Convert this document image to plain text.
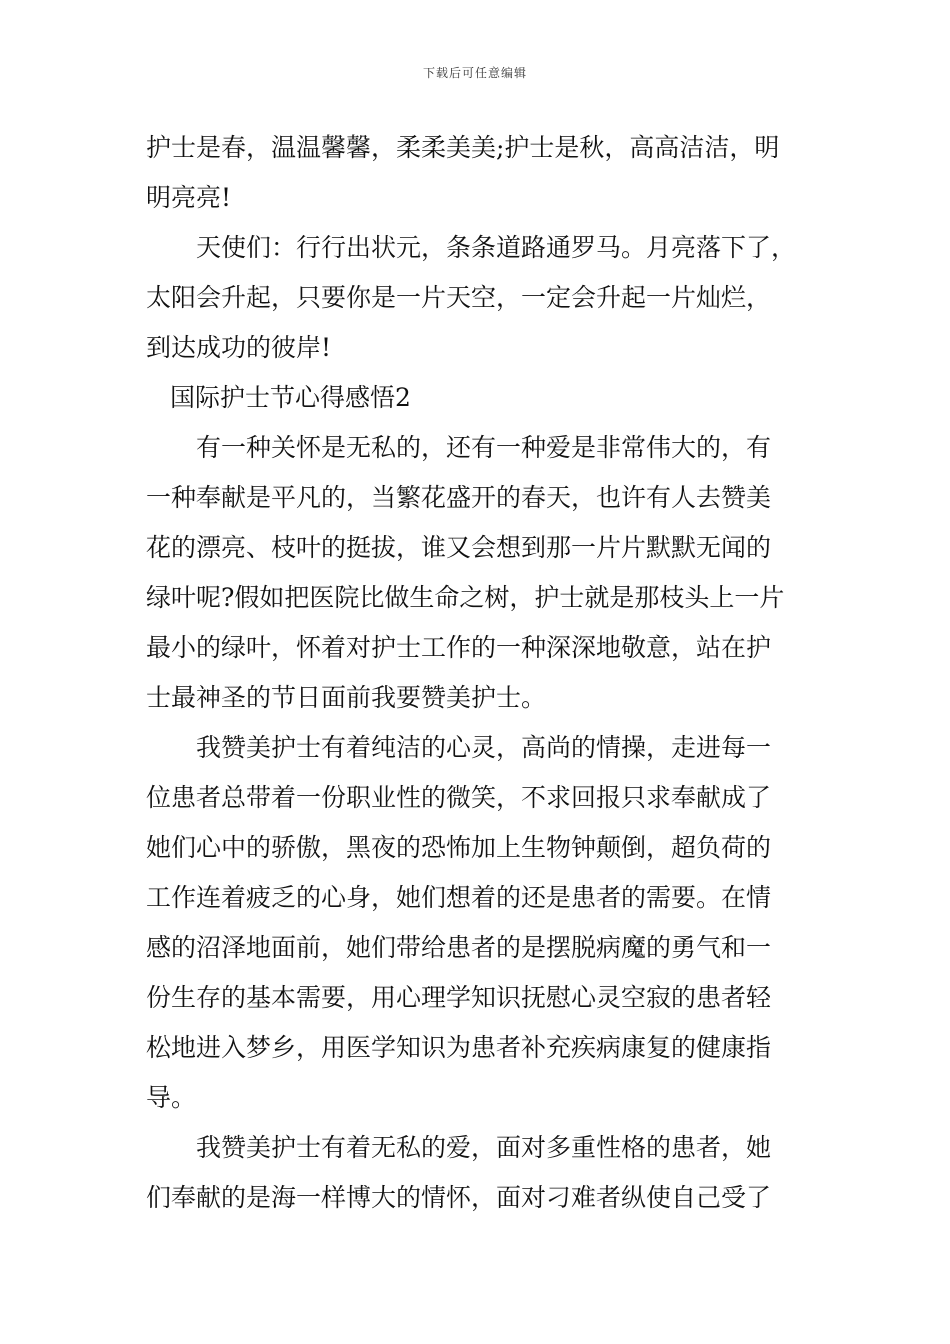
下载后可任意编辑
护士是春，温温馨馨，柔柔美美;护士是秋，高高洁洁，明
明亮亮!
天使们：行行出状元，条条道路通罗马。月亮落下了，
太阳会升起，只要你是一片天空，一定会升起一片灿烂，
到达成功的彼岸!
国际护士节心得感悟2
有一种关怀是无私的，还有一种爱是非常伟大的，有
一种奉献是平凡的，当繁花盛开的春天，也许有人去赞美
花的漂亮、枝叶的挺拔，谁又会想到那一片片默默无闻的
绿叶呢?假如把医院比做生命之树，护士就是那枝头上一片
最小的绿叶，怀着对护士工作的一种深深地敬意，站在护
士最神圣的节日面前我要赞美护士。
我赞美护士有着纯洁的心灵，高尚的情操，走进每一
位患者总带着一份职业性的微笑，不求回报只求奉献成了
她们心中的骄傲，黑夜的恐怖加上生物钟颠倒，超负荷的
工作连着疲乏的心身，她们想着的还是患者的需要。在情
感的沼泽地面前，她们带给患者的是摆脱病魔的勇气和一
份生存的基本需要，用心理学知识抚慰心灵空寂的患者轻
松地进入梦乡，用医学知识为患者补充疾病康复的健康指
导。
我赞美护士有着无私的爱，面对多重性格的患者，她
们奉献的是海一样博大的情怀，面对刁难者纵使自己受了
